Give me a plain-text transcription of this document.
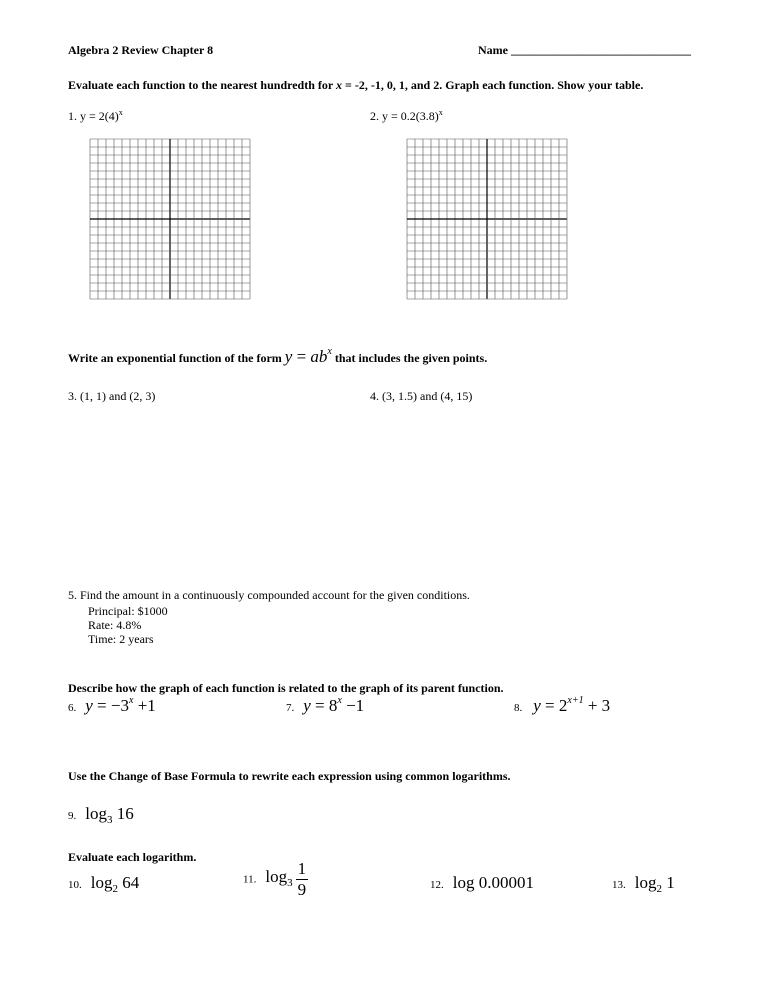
Algebra 2 Review Chapter 8	Name ______________________________
Evaluate each function to the nearest hundredth for x = -2, -1, 0, 1, and 2. Graph each function. Show your table.
1. $y = 2(4)^x$	2. $y = 0.2(3.8)^x$
Write an exponential function of the form $y = ab^x$ that includes the given points.
3. (1, 1) and (2, 3)	4. (3, 1.5) and (4, 15)
5. Find the amount in a continuously compounded account for the given conditions.
Principal: $1000
Rate: 4.8%
Time: 2 years
Describe how the graph of each function is related to the graph of its parent function.
6. $y = -3^x +1$	7. $y = 8^x -1$	8. $y = 2^{x+1} + 3$
Use the Change of Base Formula to rewrite each expression using common logarithms.
9. log3 16
Evaluate each logarithm.
10. log2 64	11. $\log 3 \frac{1}{9}$	12. log 0.00001	13. log2 1
